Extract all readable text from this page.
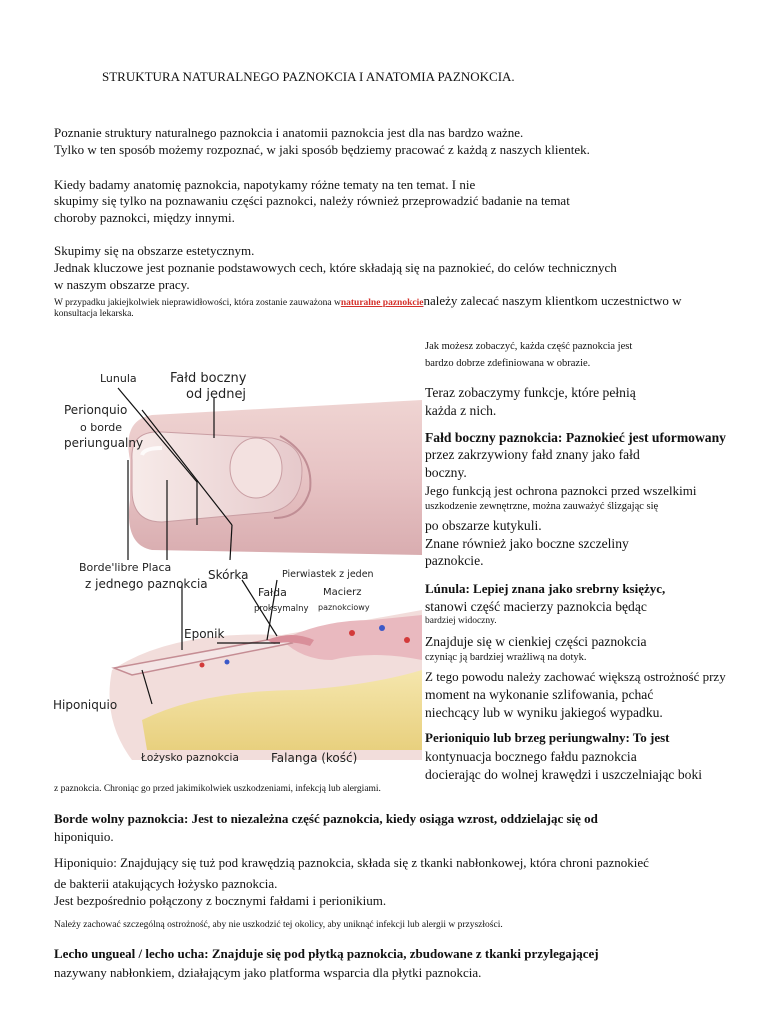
STRUKTURA NATURALNEGO PAZNOKCIA I ANATOMIA PAZNOKCIA.
Poznanie struktury naturalnego paznokcia i anatomii paznokcia jest dla nas bardzo ważne.
Tylko w ten sposób możemy rozpoznać, w jaki sposób będziemy pracować z każdą z naszych klientek.
Kiedy badamy anatomię paznokcia, napotykamy różne tematy na ten temat. I nie
skupimy się tylko na poznawaniu części paznokci, należy również przeprowadzić badanie na temat
choroby paznokci, między innymi.
Skupimy się na obszarze estetycznym.
Jednak kluczowe jest poznanie podstawowych cech, które składają się na paznokieć, do celów technicznych
w naszym obszarze pracy.
W przypadku jakiejkolwiek nieprawidłowości, która zostanie zauważona wnaturalne paznokcienależy zalecać naszym klientkom uczestnictwo w
konsultacja lekarska.
Lunula	Fałd boczny
od jednej
Perionquio
o borde
periungualny
Borde'libre Placa
z jednego paznokcia
Skórka	Pierwiastek z jeden
Fałda
proksymalny
Macierz
paznokciowy
Eponik
Hiponiquio
Łożysko paznokcia	Falanga (kość)
Jak możesz zobaczyć, każda część paznokcia jest
bardzo dobrze zdefiniowana w obrazie.
Teraz zobaczymy funkcje, które pełnią
każda z nich.
Fałd boczny paznokcia: Paznokieć jest uformowany
przez zakrzywiony fałd znany jako fałd
boczny.
Jego funkcją jest ochrona paznokci przed wszelkimi
uszkodzenie zewnętrzne, można zauważyć ślizgając się
po obszarze kutykuli.
Znane również jako boczne szczeliny
paznokcie.
Lúnula: Lepiej znana jako srebrny księżyc,
stanowi część macierzy paznokcia będąc
bardziej widoczny.
Znajduje się w cienkiej części paznokcia
czyniąc ją bardziej wrażliwą na dotyk.
Z tego powodu należy zachować większą ostrożność przy
moment na wykonanie szlifowania, pchać
niechcący lub w wyniku jakiegoś wypadku.
Perioniquio lub brzeg periungwalny: To jest
kontynuacja bocznego fałdu paznokcia
docierając do wolnej krawędzi i uszczelniając boki
z paznokcia. Chroniąc go przed jakimikolwiek uszkodzeniami, infekcją lub alergiami.
Borde wolny paznokcia: Jest to niezależna część paznokcia, kiedy osiąga wzrost, oddzielając się od
hiponiquio.
Hiponiquio: Znajdujący się tuż pod krawędzią paznokcia, składa się z tkanki nabłonkowej, która chroni paznokieć
de bakterii atakujących łożysko paznokcia.
Jest bezpośrednio połączony z bocznymi fałdami i perionikium.
Należy zachować szczególną ostrożność, aby nie uszkodzić tej okolicy, aby uniknąć infekcji lub alergii w przyszłości.
Lecho ungueal / lecho ucha: Znajduje się pod płytką paznokcia, zbudowane z tkanki przylegającej
nazywany nabłonkiem, działającym jako platforma wsparcia dla płytki paznokcia.
